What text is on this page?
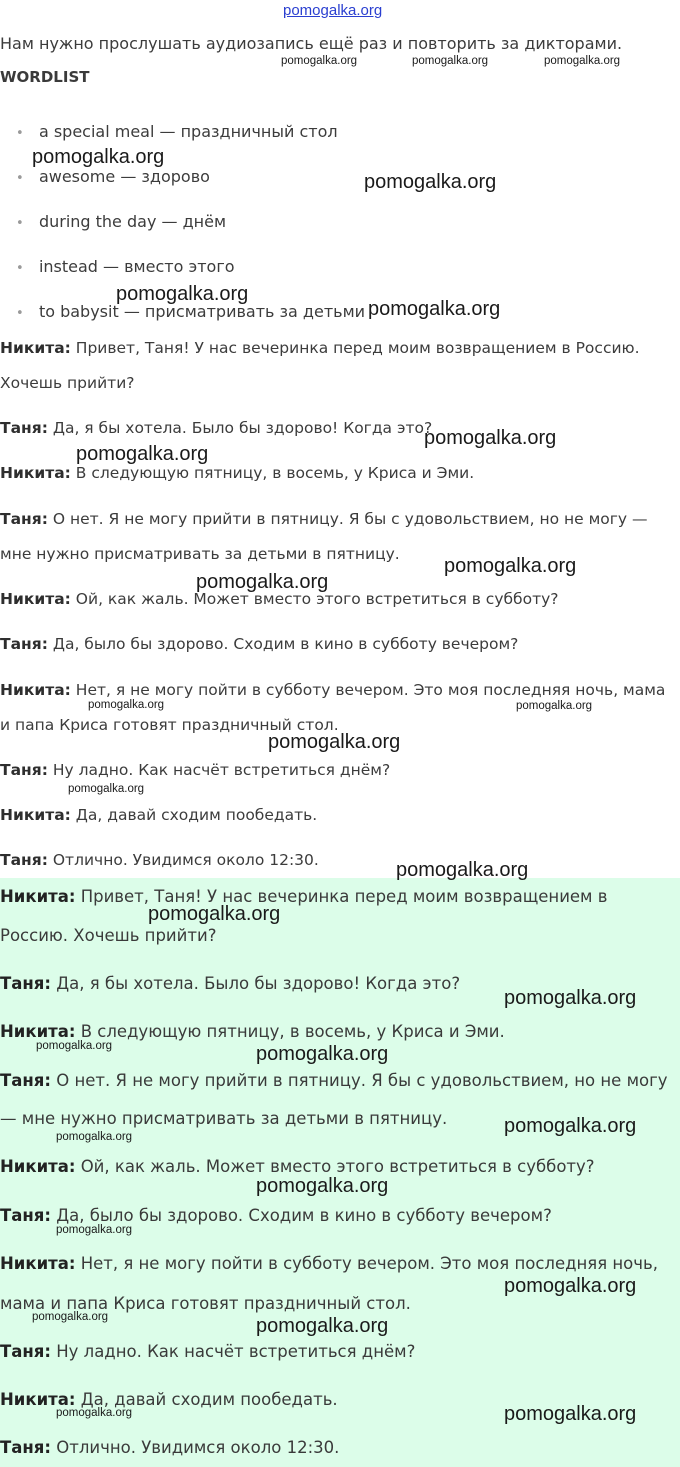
pomogalka.org
Нам нужно прослушать аудиозапись ещё раз и повторить за дикторами.
WORDLIST
• a special meal — праздничный стол
• awesome — здорово
• during the day — днём
• instead — вместо этого
• to babysit — присматривать за детьми
Никита: Привет, Таня! У нас вечеринка перед моим возвращением в Россию.
Хочешь прийти?
Таня: Да, я бы хотела. Было бы здорово! Когда это?
Никита: В следующую пятницу, в восемь, у Криса и Эми.
Таня: О нет. Я не могу прийти в пятницу. Я бы с удовольствием, но не могу —
мне нужно присматривать за детьми в пятницу.
Никита: Ой, как жаль. Может вместо этого встретиться в субботу?
Таня: Да, было бы здорово. Сходим в кино в субботу вечером?
Никита: Нет, я не могу пойти в субботу вечером. Это моя последняя ночь, мама
и папа Криса готовят праздничный стол.
Таня: Ну ладно. Как насчёт встретиться днём?
Никита: Да, давай сходим пообедать.
Таня: Отлично. Увидимся около 12:30.
Никита: Привет, Таня! У нас вечеринка перед моим возвращением в
Россию. Хочешь прийти?
Таня: Да, я бы хотела. Было бы здорово! Когда это?
Никита: В следующую пятницу, в восемь, у Криса и Эми.
Таня: О нет. Я не могу прийти в пятницу. Я бы с удовольствием, но не могу
— мне нужно присматривать за детьми в пятницу.
Никита: Ой, как жаль. Может вместо этого встретиться в субботу?
Таня: Да, было бы здорово. Сходим в кино в субботу вечером?
Никита: Нет, я не могу пойти в субботу вечером. Это моя последняя ночь,
мама и папа Криса готовят праздничный стол.
Таня: Ну ладно. Как насчёт встретиться днём?
Никита: Да, давай сходим пообедать.
Таня: Отлично. Увидимся около 12:30.
pomogalka.org	pomogalka.org	pomogalka.org
pomogalka.org
pomogalka.org
pomogalka.org
pomogalka.org
pomogalka.org
pomogalka.org
pomogalka.org
pomogalka.org
pomogalka.org	pomogalka.org
pomogalka.org
pomogalka.org
pomogalka.org
pomogalka.org
pomogalka.org
pomogalka.org	pomogalka.org
pomogalka.org
pomogalka.org
pomogalka.org
pomogalka.org
pomogalka.org
pomogalka.org	pomogalka.org
pomogalka.org	pomogalka.org
